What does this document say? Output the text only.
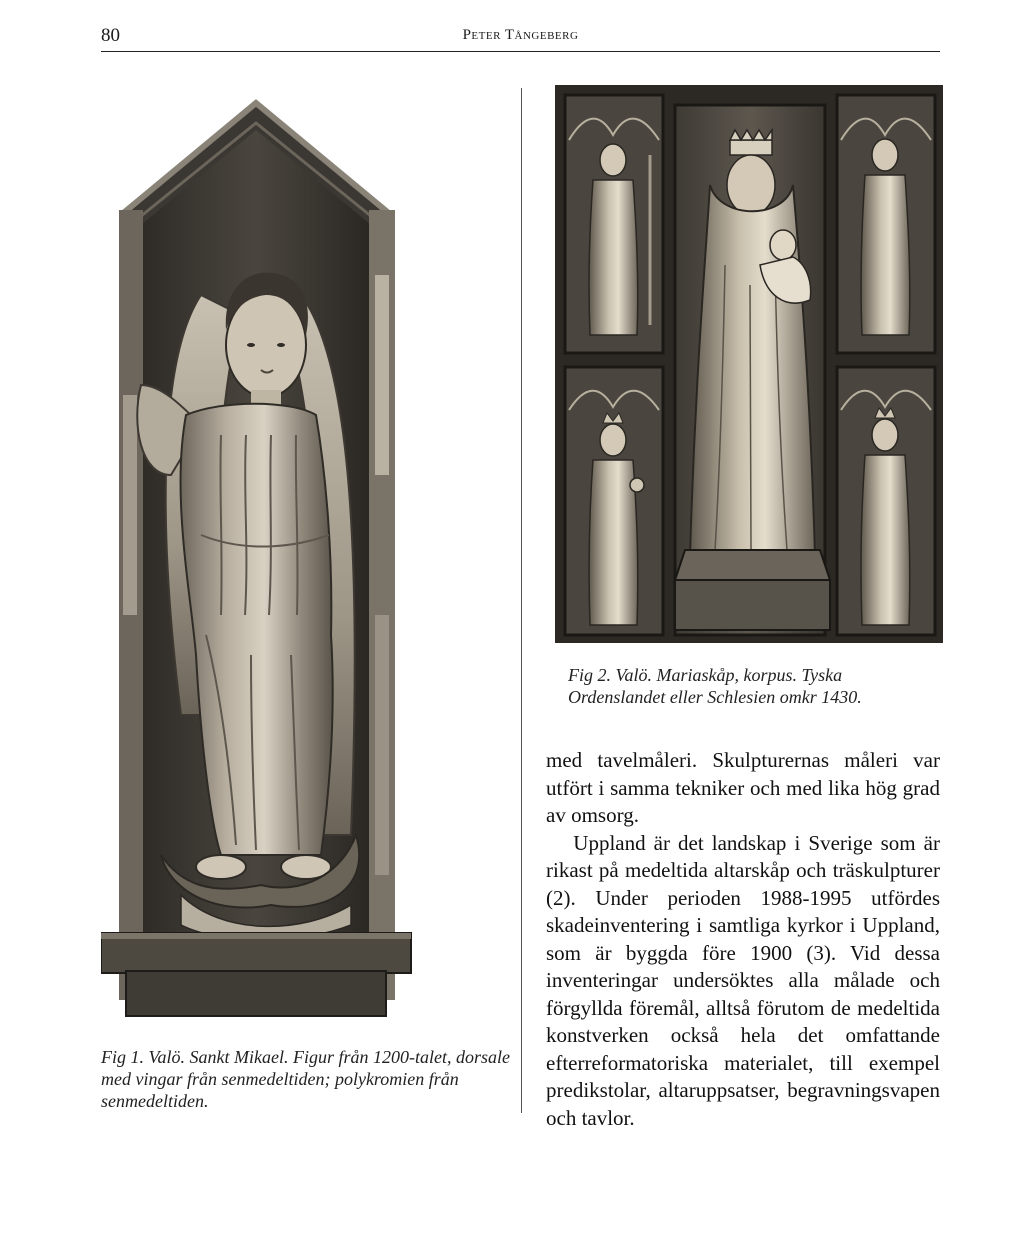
80	Peter Tångeberg
Fig 1. Valö. Sankt Mikael. Figur från 1200-talet, dorsale med vingar från senmedeltiden; polykromien från senmedeltiden.
Fig 2. Valö. Mariaskåp, korpus. Tyska Ordenslandet eller Schlesien omkr 1430.

med tavelmåleri. Skulpturernas måleri var utfört i samma tekniker och med lika hög grad av omsorg.

Uppland är det landskap i Sverige som är rikast på medeltida altarskåp och träskulpturer (2). Under perioden 1988-1995 utfördes skadeinventering i samtliga kyrkor i Uppland, som är byggda före 1900 (3). Vid dessa inventeringar undersöktes alla målade och förgyllda föremål, alltså förutom de medeltida konstverken också hela det omfattande efterreformatoriska materialet, till exempel predikstolar, altaruppsatser, begravningsvapen och tavlor.
